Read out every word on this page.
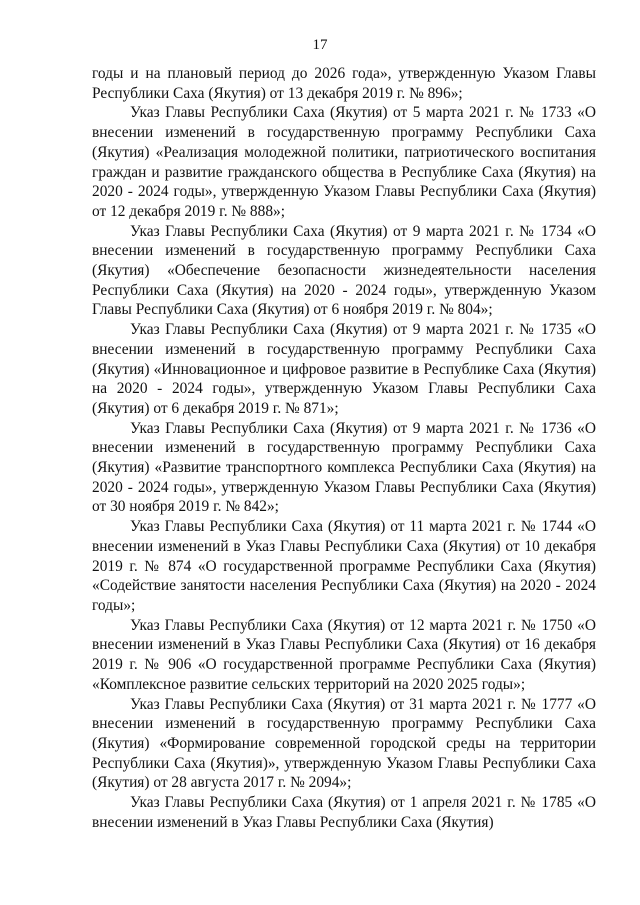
17

годы и на плановый период до 2026 года», утвержденную Указом Главы Республики Саха (Якутия) от 13 декабря 2019 г. № 896»;

Указ Главы Республики Саха (Якутия) от 5 марта 2021 г. № 1733 «О внесении изменений в государственную программу Республики Саха (Якутия) «Реализация молодежной политики, патриотического воспитания граждан и развитие гражданского общества в Республике Саха (Якутия) на 2020 - 2024 годы», утвержденную Указом Главы Республики Саха (Якутия) от 12 декабря 2019 г. № 888»;

Указ Главы Республики Саха (Якутия) от 9 марта 2021 г. № 1734 «О внесении изменений в государственную программу Республики Саха (Якутия) «Обеспечение безопасности жизнедеятельности населения Республики Саха (Якутия) на 2020 - 2024 годы», утвержденную Указом Главы Республики Саха (Якутия) от 6 ноября 2019 г. № 804»;

Указ Главы Республики Саха (Якутия) от 9 марта 2021 г. № 1735 «О внесении изменений в государственную программу Республики Саха (Якутия) «Инновационное и цифровое развитие в Республике Саха (Якутия) на 2020 - 2024 годы», утвержденную Указом Главы Республики Саха (Якутия) от 6 декабря 2019 г. № 871»;

Указ Главы Республики Саха (Якутия) от 9 марта 2021 г. № 1736 «О внесении изменений в государственную программу Республики Саха (Якутия) «Развитие транспортного комплекса Республики Саха (Якутия) на 2020 - 2024 годы», утвержденную Указом Главы Республики Саха (Якутия) от 30 ноября 2019 г. № 842»;

Указ Главы Республики Саха (Якутия) от 11 марта 2021 г. № 1744 «О внесении изменений в Указ Главы Республики Саха (Якутия) от 10 декабря 2019 г. № 874 «О государственной программе Республики Саха (Якутия) «Содействие занятости населения Республики Саха (Якутия) на 2020 - 2024 годы»;

Указ Главы Республики Саха (Якутия) от 12 марта 2021 г. № 1750 «О внесении изменений в Указ Главы Республики Саха (Якутия) от 16 декабря 2019 г. № 906 «О государственной программе Республики Саха (Якутия) «Комплексное развитие сельских территорий на 2020 2025 годы»;

Указ Главы Республики Саха (Якутия) от 31 марта 2021 г. № 1777 «О внесении изменений в государственную программу Республики Саха (Якутия) «Формирование современной городской среды на территории Республики Саха (Якутия)», утвержденную Указом Главы Республики Саха (Якутия) от 28 августа 2017 г. № 2094»;

Указ Главы Республики Саха (Якутия) от 1 апреля 2021 г. № 1785 «О внесении изменений в Указ Главы Республики Саха (Якутия)
